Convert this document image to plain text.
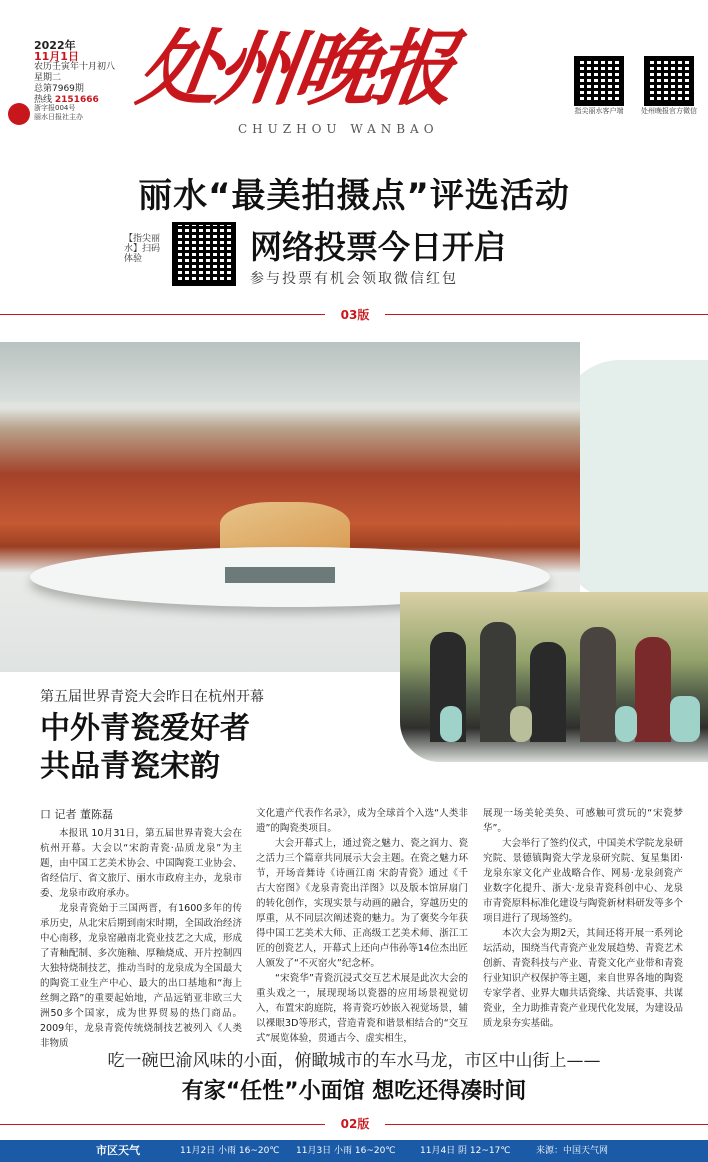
2022年
11月1日
农历壬寅年十月初八
星期二
总第7969期
热线 2151666
浙字报004号
丽水日报社主办 处州晚报
CHUZHOU WANBAO
指尖丽水客户端	处州晚报官方微信
丽水“最美拍摄点”评选活动
【指尖丽水】扫码体验	网络投票今日开启
参与投票有机会领取微信红包
03版
第五届世界青瓷大会昨日在杭州开幕
中外青瓷爱好者
共品青瓷宋韵
口 记者 董陈磊

本报讯 10月31日，第五届世界青瓷大会在杭州开幕。大会以“宋韵青瓷·品质龙泉”为主题，由中国工艺美术协会、中国陶瓷工业协会、省经信厅、省文旅厅、丽水市政府主办，龙泉市委、龙泉市政府承办。

龙泉青瓷始于三国两晋，有1600多年的传承历史，从北宋后期到南宋时期，全国政治经济中心南移，龙泉窑融南北瓷业技艺之大成，形成了青釉配制、多次施釉、厚釉烧成、开片控制四大独特烧制技艺，推动当时的龙泉成为全国最大的陶瓷工业生产中心、最大的出口基地和“海上丝绸之路”的重要起始地，产品远销亚非欧三大洲50多个国家，成为世界贸易的热门商品。2009年，龙泉青瓷传统烧制技艺被列入《人类非物质

文化遗产代表作名录》，成为全球首个入选“人类非遗”的陶瓷类项目。

大会开幕式上，通过瓷之魅力、瓷之润力、瓷之活力三个篇章共同展示大会主题。在瓷之魅力环节，开场音舞诗《诗画江南 宋韵青瓷》通过《千古大窑图》《龙泉青瓷出洋图》以及版本馆屏扇门的转化创作，实现实景与动画的融合，穿越历史的厚重，从不同层次阐述瓷的魅力。为了褒奖今年获得中国工艺美术大师、正高级工艺美术师、浙江工匠的创瓷艺人，开幕式上还向卢伟孙等14位杰出匠人颁发了“不灭窑火”纪念杯。

“宋瓷华”青瓷沉浸式交互艺术展是此次大会的重头戏之一，展现现场以瓷器的应用场景视觉切入，布置宋韵庭院，将青瓷巧妙嵌入视觉场景，辅以裸眼3D等形式，营造青瓷和谐景相结合的“交互式”展览体验，贯通古今、虚实相生，

展现一场美轮美奂、可感触可赏玩的“宋瓷梦华”。

大会举行了签约仪式，中国美术学院龙泉研究院、景德镇陶瓷大学龙泉研究院、复星集团·龙泉东家文化产业战略合作、网易·龙泉剑瓷产业数字化提升、浙大·龙泉青瓷科创中心、龙泉市青瓷原料标准化建设与陶瓷新材料研发等多个项目进行了现场签约。

本次大会为期2天，其间还将开展一系列论坛活动，围绕当代青瓷产业发展趋势、青瓷艺术创新、青瓷科技与产业、青瓷文化产业带和青瓷行业知识产权保护等主题，来自世界各地的陶瓷专家学者、业界大咖共话瓷缘、共话瓷事、共谋瓷业，全力助推青瓷产业现代化发展，为建设品质龙泉夯实基础。

吃一碗巴渝风味的小面，俯瞰城市的车水马龙，市区中山街上——
有家“任性”小面馆 想吃还得凑时间
02版
市区天气	11月2日 小雨 16~20℃ 11月3日 小雨 16~20℃	11月4日 阴 12~17℃	来源：中国天气网
